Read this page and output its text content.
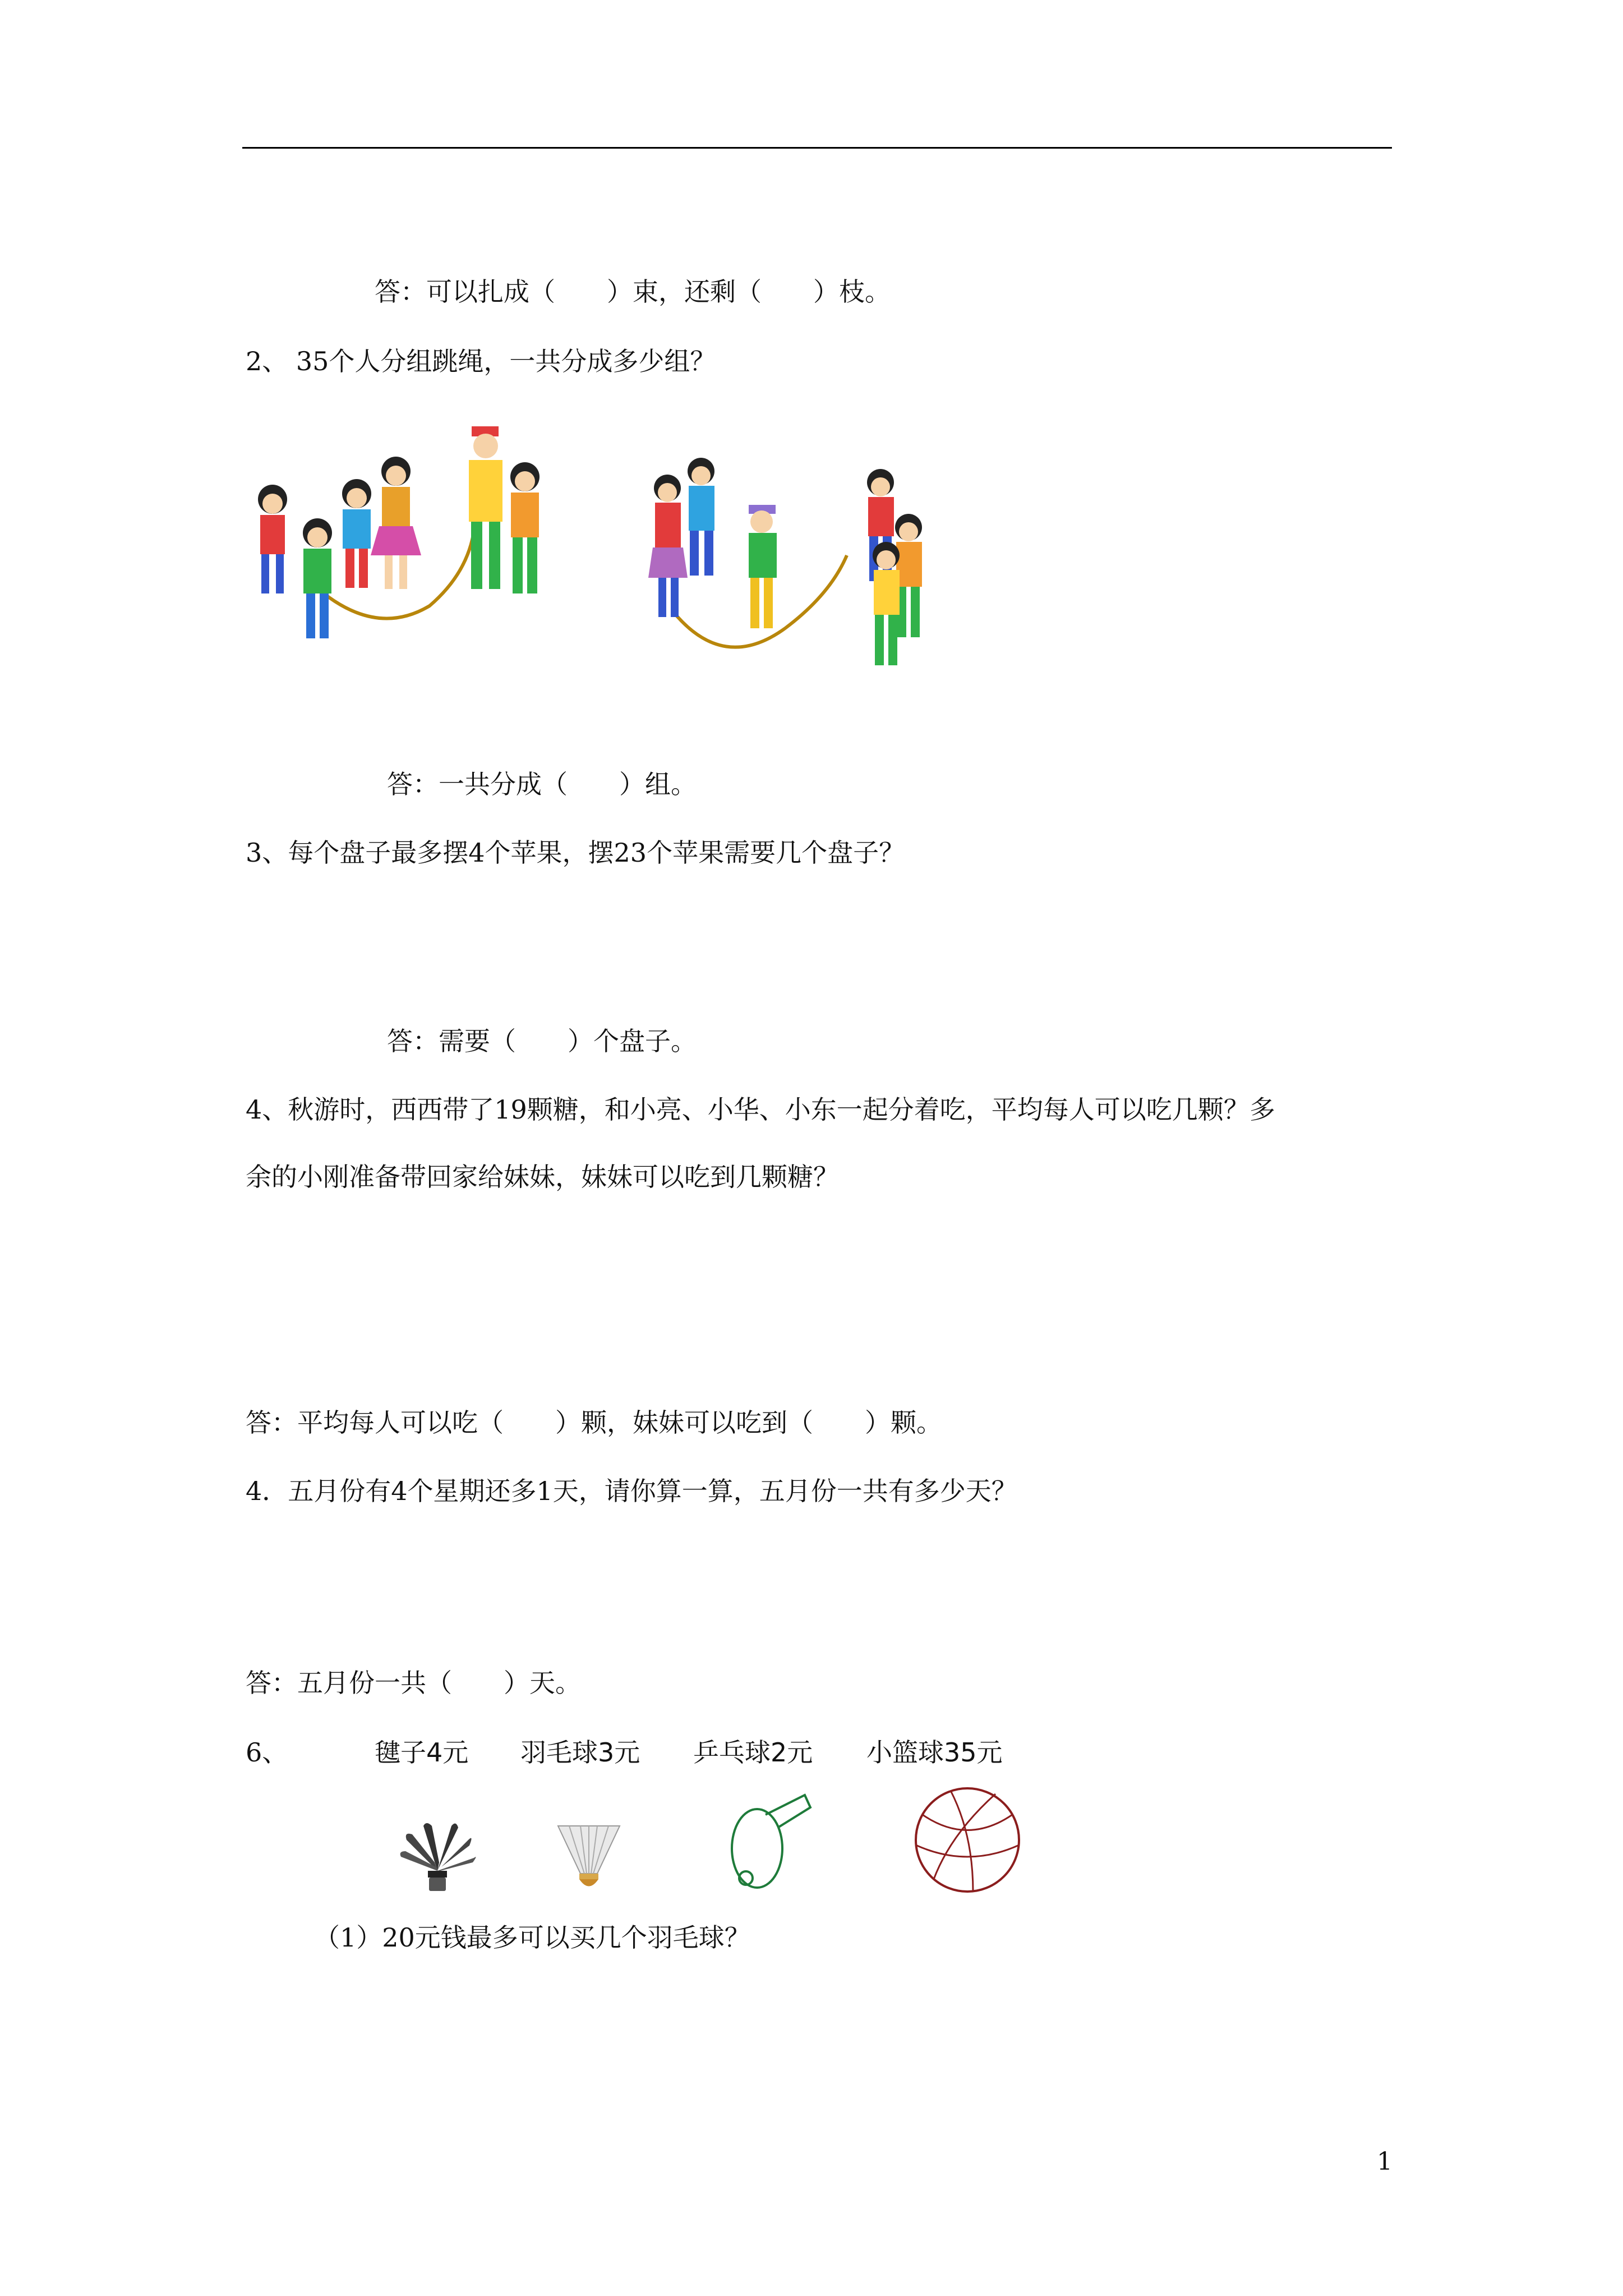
答：可以扎成（　　）束，还剩（　　）枝。
2、 35个人分组跳绳，一共分成多少组？
答：一共分成（　　）组。
3、每个盘子最多摆4个苹果，摆23个苹果需要几个盘子？
答：需要（　　）个盘子。
4、秋游时，西西带了19颗糖，和小亮、小华、小东一起分着吃，平均每人可以吃几颗？多
余的小刚准备带回家给妹妹，妹妹可以吃到几颗糖？
答：平均每人可以吃（　　）颗，妹妹可以吃到（　　）颗。
4．五月份有4个星期还多1天，请你算一算，五月份一共有多少天？
答：五月份一共（　　）天。
6、	毽子4元 羽毛球3元 乒乓球2元 小篮球35元
（1）20元钱最多可以买几个羽毛球？
1
